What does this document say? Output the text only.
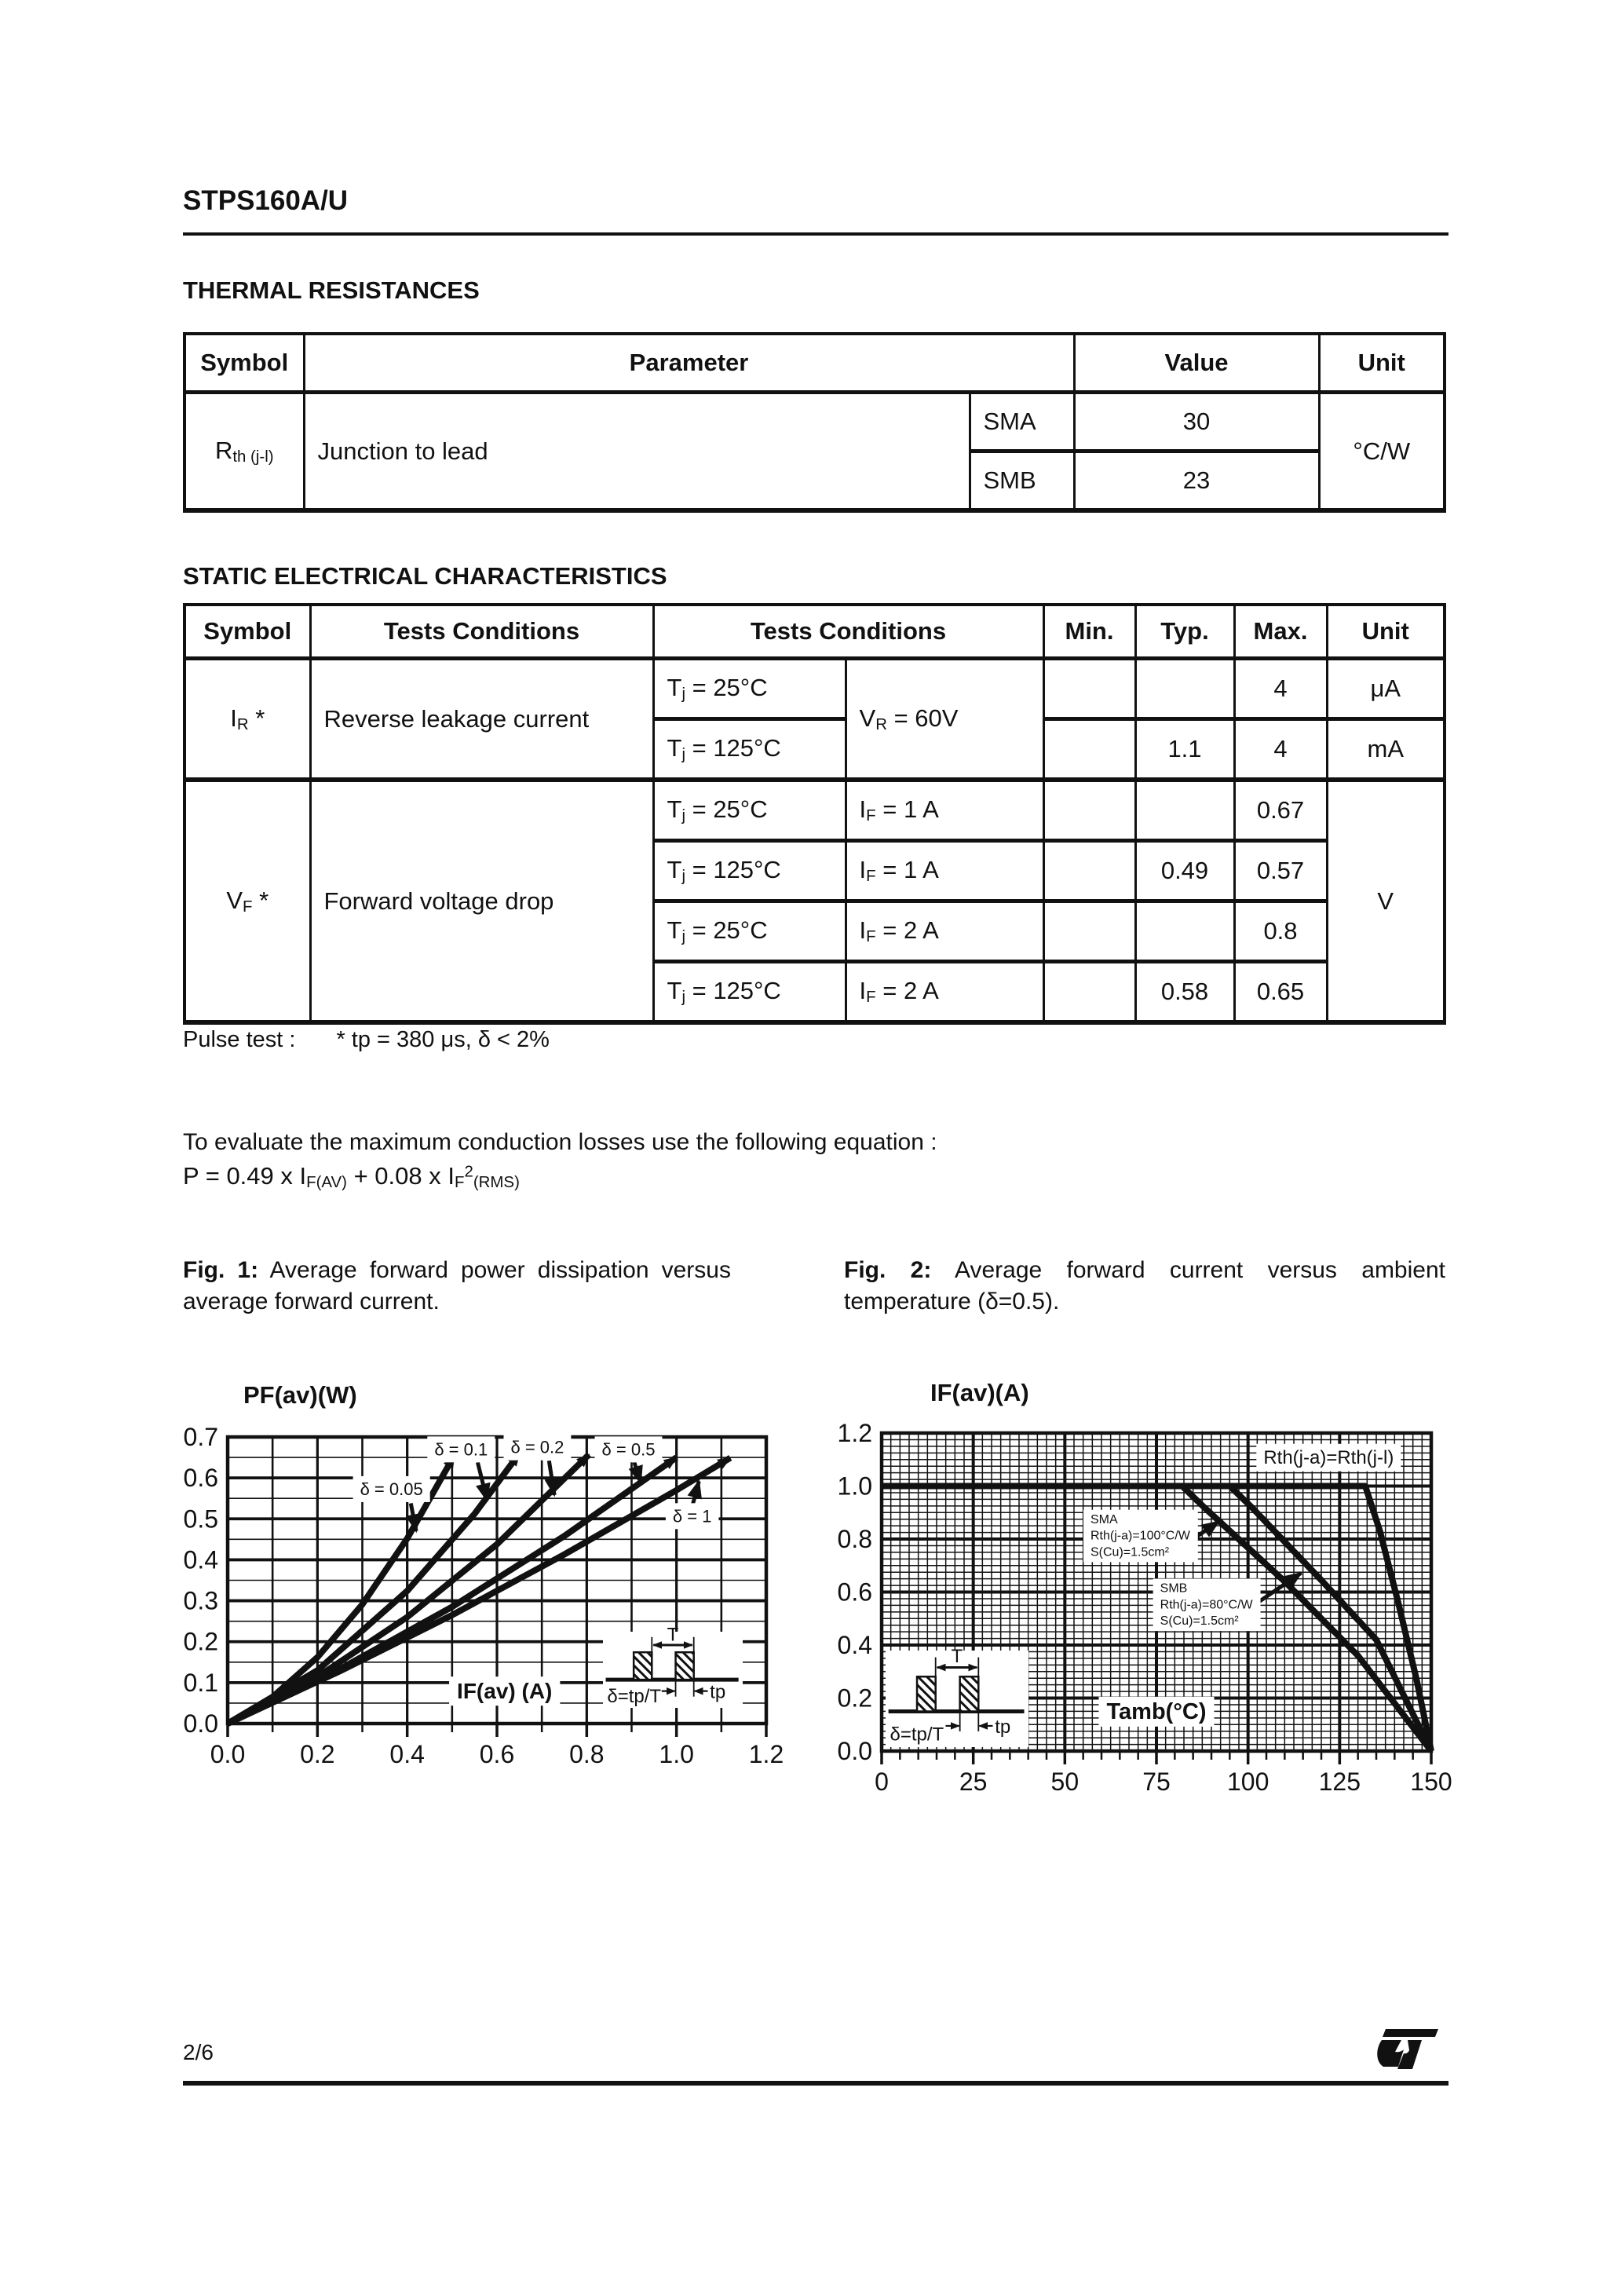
STPS160A/U
THERMAL RESISTANCES
Symbol	Parameter		Value	Unit
$R_{th (j-l)}$	Junction to lead	SMA	30	°C/W
		SMB	23	
STATIC ELECTRICAL CHARACTERISTICS
Symbol	Tests Conditions	Tests Conditions		Min.	Typ.	Max.	Unit
$I_R$ *	Reverse leakage current	$T_j = 25^\circ C$	$V_R = 60V$			4	μA
		$T_j = 125^\circ C$			1.1	4	mA
$V_F$ *	Forward voltage drop	$T_j = 25^\circ C$	$I_F = 1$ A			0.67	V
		$T_j = 125^\circ C$	$I_F = 1$ A		0.49	0.57	
		$T_j = 25^\circ C$	$I_F = 2$ A			0.8	
		$T_j = 125^\circ C$	$I_F = 2$ A		0.58	0.65	
Pulse test : * tp = 380 μs, δ < 2%
To evaluate the maximum conduction losses use the following equation :
P = 0.49 x $I_{F(AV)} + 0.08$ x $I_F^2_{(RMS)}$
Fig. 1: Average forward power dissipation versus average forward current.
Fig. 2: Average forward current versus ambient temperature (δ=0.5).
0.0 0.2 0.4 0.6 0.8 1.0 1.2
0.0
0.1
0.2
0.3
0.4
0.5
0.6
0.7
PF(av)(W)
T
tp
δ=tp/T
IF(av) (A)
δ = 0.05
δ = 0.1 δ = 0.2 δ = 0.5
δ = 1
0	25	50	75 100 125 150
0.0
0.2
0.4
0.6
0.8
1.0
1.2
IF(av)(A)
T
tp
δ=tp/T
Tamb(°C)
Rth(j-a)=Rth(j-l)
SMA
Rth(j-a)=100°C/W
S(Cu)=1.5cm²
SMB
Rth(j-a)=80°C/W
S(Cu)=1.5cm²
2/6
